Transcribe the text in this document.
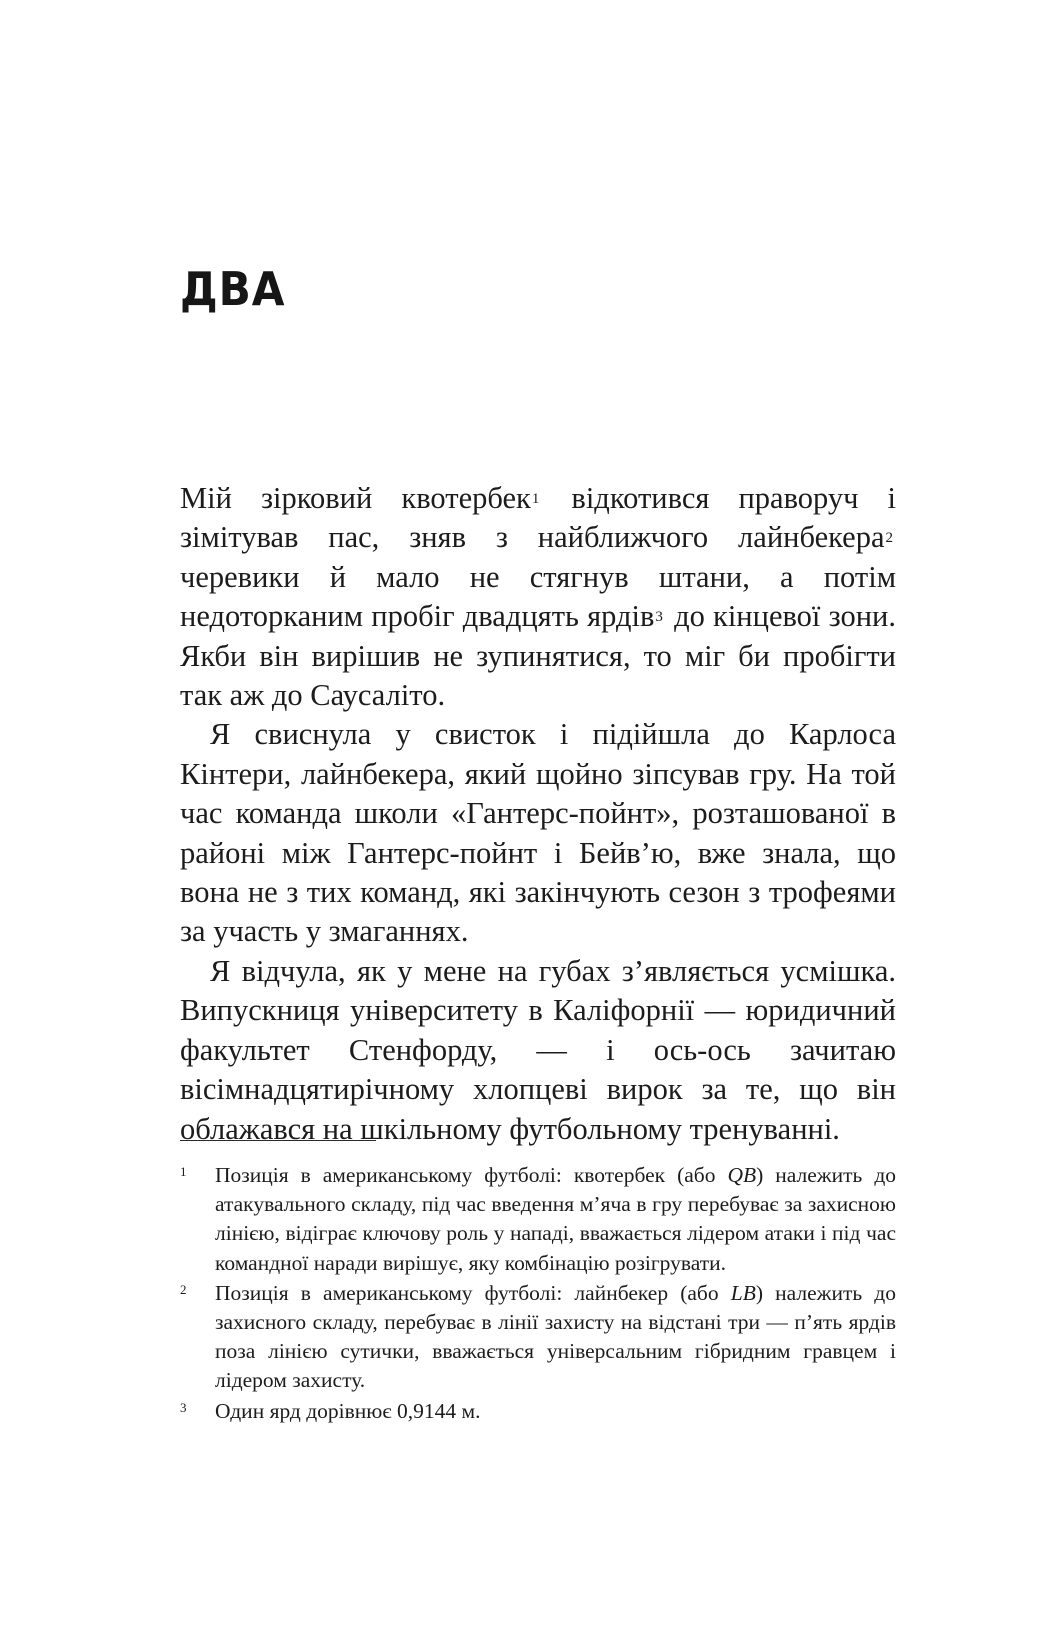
ДВА

Мій зірковий квотербек$^1$ відкотився праворуч і зімітував пас, зняв з найближчого лайнбекера$^2$ черевики й мало не стягнув штани, а потім недоторканим пробіг двадцять ярдів$^3$ до кінцевої зони. Якби він вирішив не зупинятися, то міг би пробігти так аж до Саусаліто.

Я свиснула у свисток і підійшла до Карлоса Кінтери, лайнбекера, який щойно зіпсував гру. На той час команда школи «Гантерс-пойнт», розташованої в районі між Гантерс-пойнт і Бейв’ю, вже знала, що вона не з тих команд, які закінчують сезон з трофеями за участь у змаганнях.

Я відчула, як у мене на губах з’являється усмішка. Випускниця університету в Каліфорнії — юридичний факультет Стенфорду, — і ось-ось зачитаю вісімнадцятирічному хлопцеві вирок за те, що він облажався на шкільному футбольному тренуванні.

1	Позиція в американському футболі: квотербек (або QB) належить до атакувального складу, під час введення м’яча в гру перебуває за захисною лінією, відіграє ключову роль у нападі, вважається лідером атаки і під час командної наради вирішує, яку комбінацію розігрувати.
2	Позиція в американському футболі: лайнбекер (або LB) належить до захисного складу, перебуває в лінії захисту на відстані три — п’ять ярдів поза лінією сутички, вважається універсальним гібридним гравцем і лідером захисту.
3	Один ярд дорівнює 0,9144 м.
